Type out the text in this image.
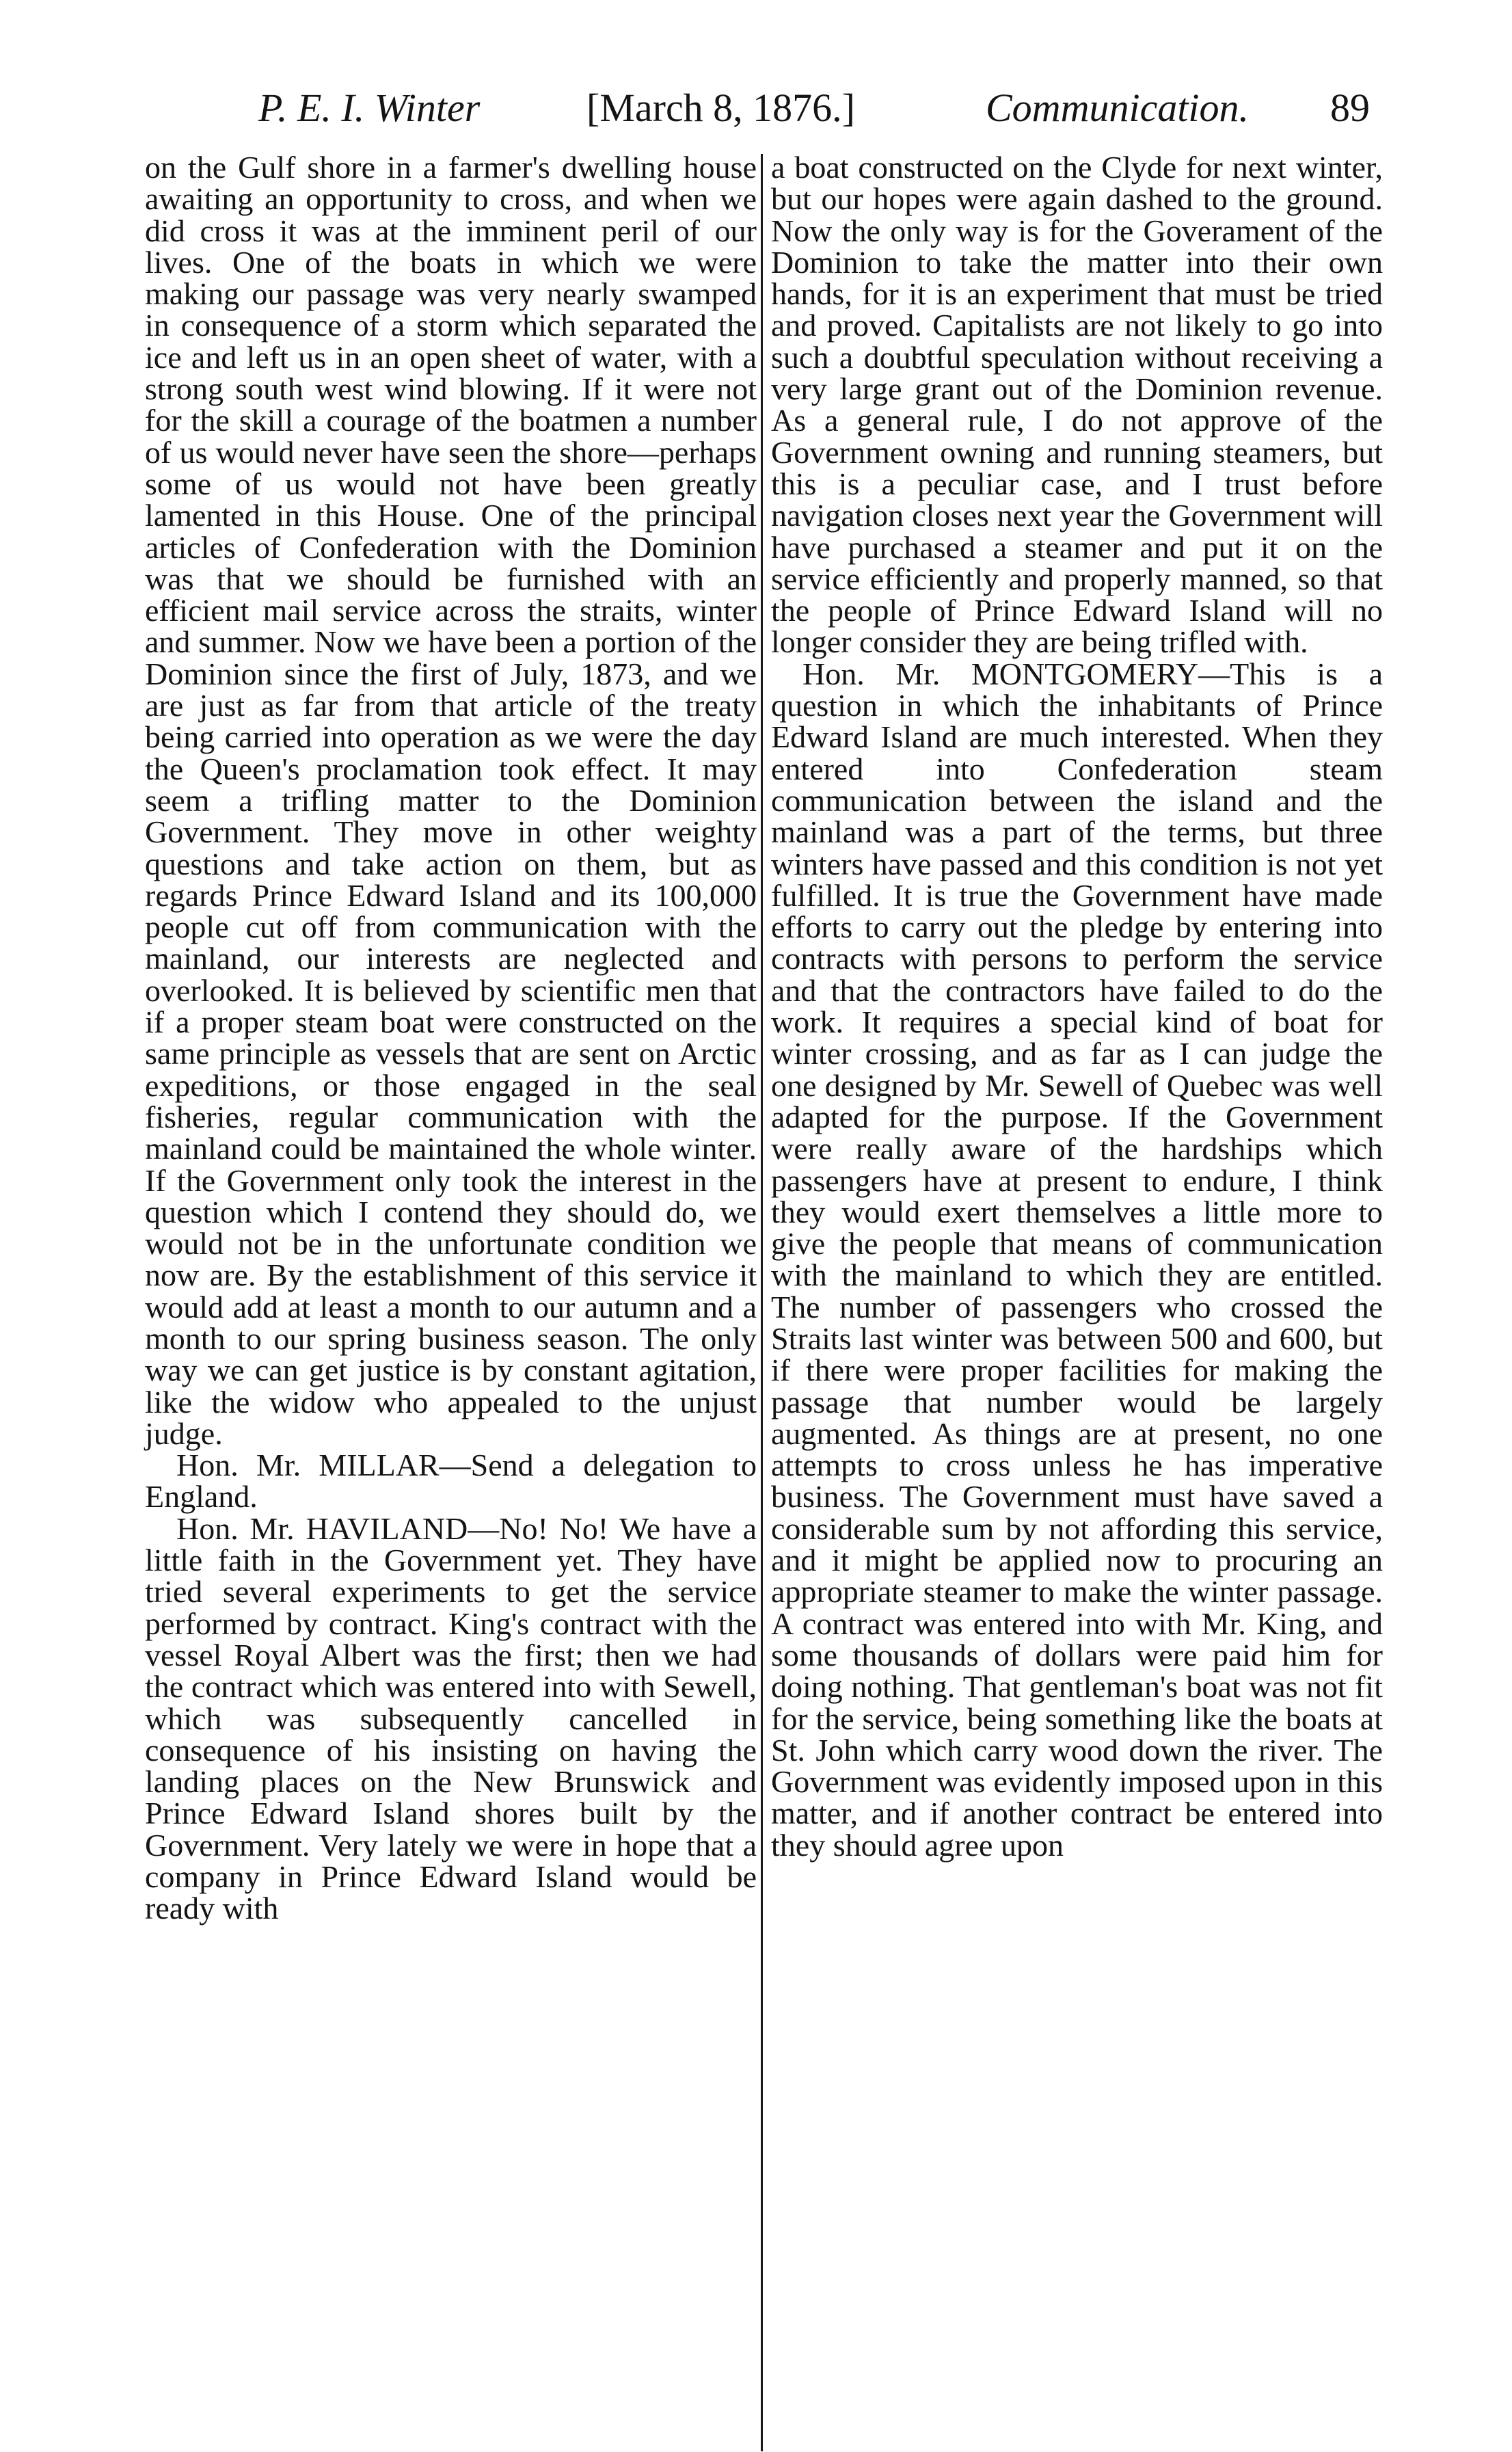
P. E. I. Winter	[March 8, 1876.]	Communication. 89

on the Gulf shore in a farmer's dwelling house awaiting an opportunity to cross, and when we did cross it was at the imminent peril of our lives. One of the boats in which we were making our passage was very nearly swamped in consequence of a storm which separated the ice and left us in an open sheet of water, with a strong south west wind blowing. If it were not for the skill a courage of the boatmen a number of us would never have seen the shore—perhaps some of us would not have been greatly lamented in this House. One of the principal articles of Confederation with the Dominion was that we should be furnished with an efficient mail service across the straits, winter and summer. Now we have been a portion of the Dominion since the first of July, 1873, and we are just as far from that article of the treaty being carried into operation as we were the day the Queen's proclamation took effect. It may seem a trifling matter to the Dominion Government. They move in other weighty questions and take action on them, but as regards Prince Edward Island and its 100,000 people cut off from communication with the mainland, our interests are neglected and overlooked. It is believed by scientific men that if a proper steam boat were constructed on the same principle as vessels that are sent on Arctic expeditions, or those engaged in the seal fisheries, regular communication with the mainland could be maintained the whole winter. If the Government only took the interest in the question which I contend they should do, we would not be in the unfortunate condition we now are. By the establishment of this service it would add at least a month to our autumn and a month to our spring business season. The only way we can get justice is by constant agitation, like the widow who appealed to the unjust judge.

Hon. Mr. MILLAR—Send a delegation to England.

Hon. Mr. HAVILAND—No! No! We have a little faith in the Government yet. They have tried several experiments to get the service performed by contract. King's contract with the vessel Royal Albert was the first; then we had the contract which was entered into with Sewell, which was subsequently cancelled in consequence of his insisting on having the landing places on the New Brunswick and Prince Edward Island shores built by the Government. Very lately we were in hope that a company in Prince Edward Island would be ready with

a boat constructed on the Clyde for next winter, but our hopes were again dashed to the ground. Now the only way is for the Goverament of the Dominion to take the matter into their own hands, for it is an experiment that must be tried and proved. Capitalists are not likely to go into such a doubtful speculation without receiving a very large grant out of the Dominion revenue. As a general rule, I do not approve of the Government owning and running steamers, but this is a peculiar case, and I trust before navigation closes next year the Government will have purchased a steamer and put it on the service efficiently and properly manned, so that the people of Prince Edward Island will no longer consider they are being trifled with.

Hon. Mr. MONTGOMERY—This is a question in which the inhabitants of Prince Edward Island are much interested. When they entered into Confederation steam communication between the island and the mainland was a part of the terms, but three winters have passed and this condition is not yet fulfilled. It is true the Government have made efforts to carry out the pledge by entering into contracts with persons to perform the service and that the contractors have failed to do the work. It requires a special kind of boat for winter crossing, and as far as I can judge the one designed by Mr. Sewell of Quebec was well adapted for the purpose. If the Government were really aware of the hardships which passengers have at present to endure, I think they would exert themselves a little more to give the people that means of communication with the mainland to which they are entitled. The number of passengers who crossed the Straits last winter was between 500 and 600, but if there were proper facilities for making the passage that number would be largely augmented. As things are at present, no one attempts to cross unless he has imperative business. The Government must have saved a considerable sum by not affording this service, and it might be applied now to procuring an appropriate steamer to make the winter passage. A contract was entered into with Mr. King, and some thousands of dollars were paid him for doing nothing. That gentleman's boat was not fit for the service, being something like the boats at St. John which carry wood down the river. The Government was evidently imposed upon in this matter, and if another contract be entered into they should agree upon
